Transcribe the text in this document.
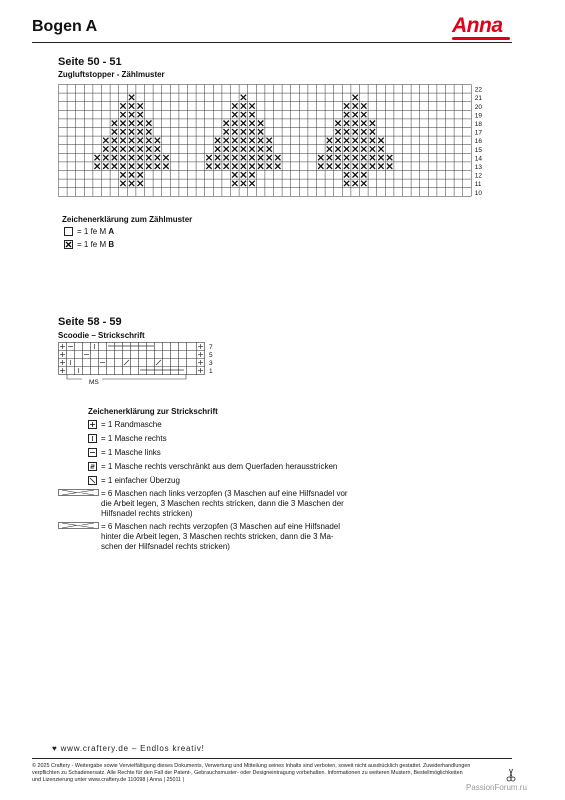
Bogen A	Anna
Seite 50 - 51
Zugluftstopper - Zählmuster
22
21
20
19
18
17
16
15
14
13
12
11
10
Zeichenerklärung zum Zählmuster
= 1 fe M A
= 1 fe M B
Seite 58 - 59
Scoodie – Strickschrift
7
5
3
1
MS
Zeichenerklärung zur Strickschrift
= 1 Randmasche
= 1 Masche rechts
= 1 Masche links
= 1 Masche rechts verschränkt aus dem Querfaden herausstricken
= 1 einfacher Überzug
= 6 Maschen nach links verzopfen (3 Maschen auf eine Hilfsnadel vor
die Arbeit legen, 3 Maschen rechts stricken, dann die 3 Maschen der
Hilfsnadel rechts stricken)
= 6 Maschen nach rechts verzopfen (3 Maschen auf eine Hilfsnadel
hinter die Arbeit legen, 3 Maschen rechts stricken, dann die 3 Ma-
schen der Hilfsnadel rechts stricken)
♥ www.craftery.de – Endlos kreativ!
© 2025 Craftery - Weitergabe sowie Vervielfältigung dieses Dokuments, Verwertung und Mitteilung seines Inhalts sind verboten, soweit nicht ausdrücklich gestattet. Zuwiderhandlungen
verpflichten zu Schadenersatz. Alle Rechte für den Fall der Patent-, Gebrauchsmuster- oder Designeintragung vorbehalten. Informationen zu weiteren Mustern, Bestellmöglichkeiten
und Lizenzierung unter www.craftery.de 110098 | Anna | 25011 |
PassionForum.ru
